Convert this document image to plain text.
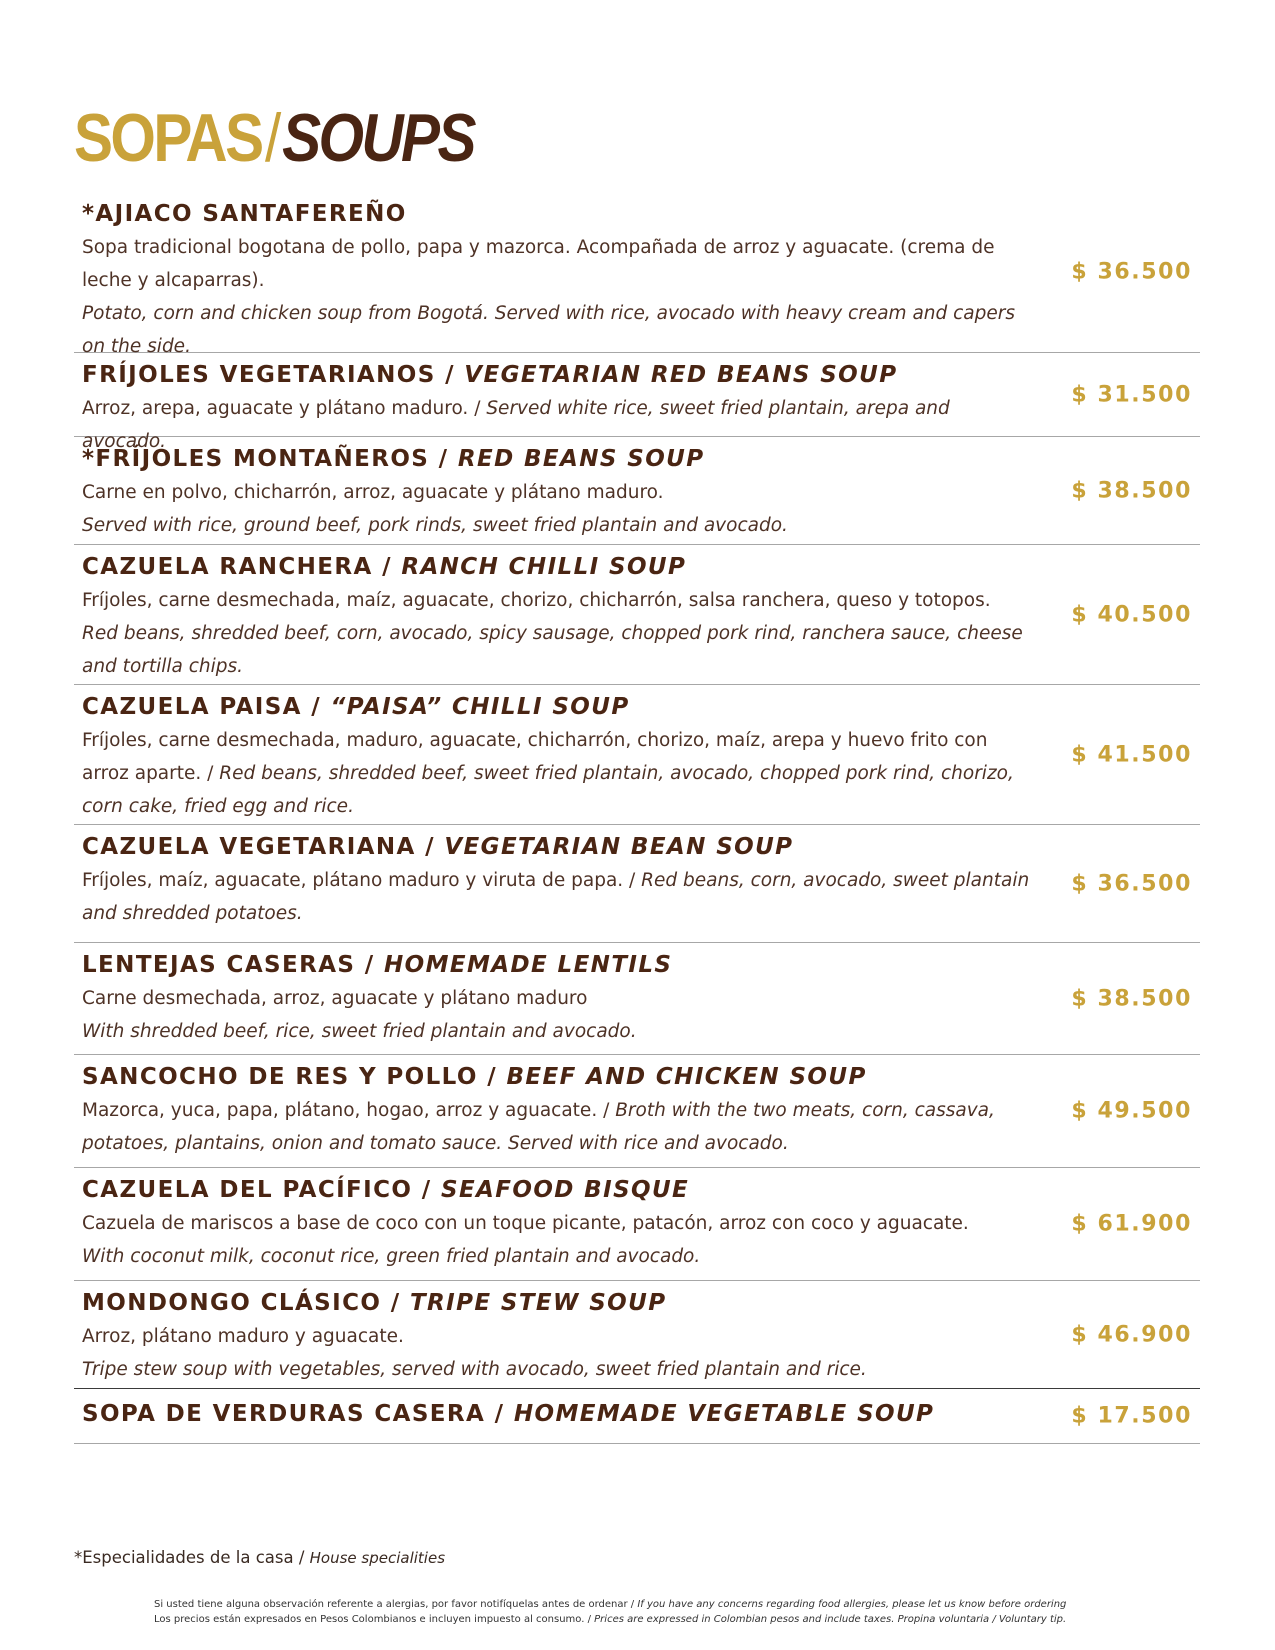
SOPAS/SOUPS
*AJIACO SANTAFEREÑO
Sopa tradicional bogotana de pollo, papa y mazorca. Acompañada de arroz y aguacate. (crema de leche y alcaparras).
Potato, corn and chicken soup from Bogotá. Served with rice, avocado with heavy cream and capers on the side.
$ 36.500
FRÍJOLES VEGETARIANOS / VEGETARIAN RED BEANS SOUP
Arroz, arepa, aguacate y plátano maduro. / Served white rice, sweet fried plantain, arepa and avocado.
$ 31.500
*FRÍJOLES MONTAÑEROS / RED BEANS SOUP
Carne en polvo, chicharrón, arroz, aguacate y plátano maduro.
Served with rice, ground beef, pork rinds, sweet fried plantain and avocado.
$ 38.500
CAZUELA RANCHERA / RANCH CHILLI SOUP
Fríjoles, carne desmechada, maíz, aguacate, chorizo, chicharrón, salsa ranchera, queso y totopos.
Red beans, shredded beef, corn, avocado, spicy sausage, chopped pork rind, ranchera sauce, cheese and tortilla chips.
$ 40.500
CAZUELA PAISA / “PAISA” CHILLI SOUP
Fríjoles, carne desmechada, maduro, aguacate, chicharrón, chorizo, maíz, arepa y huevo frito con arroz aparte. / Red beans, shredded beef, sweet fried plantain, avocado, chopped pork rind, chorizo, corn cake, fried egg and rice.
$ 41.500
CAZUELA VEGETARIANA / VEGETARIAN BEAN SOUP
Fríjoles, maíz, aguacate, plátano maduro y viruta de papa. / Red beans, corn, avocado, sweet plantain and shredded potatoes.
$ 36.500
LENTEJAS CASERAS / HOMEMADE LENTILS
Carne desmechada, arroz, aguacate y plátano maduro
With shredded beef, rice, sweet fried plantain and avocado.
$ 38.500
SANCOCHO DE RES Y POLLO / BEEF AND CHICKEN SOUP
Mazorca, yuca, papa, plátano, hogao, arroz y aguacate. / Broth with the two meats, corn, cassava, potatoes, plantains, onion and tomato sauce. Served with rice and avocado.
$ 49.500
CAZUELA DEL PACÍFICO / SEAFOOD BISQUE
Cazuela de mariscos a base de coco con un toque picante, patacón, arroz con coco y aguacate.
With coconut milk, coconut rice, green fried plantain and avocado.
$ 61.900
MONDONGO CLÁSICO / TRIPE STEW SOUP
Arroz, plátano maduro y aguacate.
Tripe stew soup with vegetables, served with avocado, sweet fried plantain and rice.
$ 46.900
SOPA DE VERDURAS CASERA / HOMEMADE VEGETABLE SOUP	$ 17.500
*Especialidades de la casa / House specialities
Si usted tiene alguna observación referente a alergias, por favor notifíquelas antes de ordenar / If you have any concerns regarding food allergies, please let us know before ordering
Los precios están expresados en Pesos Colombianos e incluyen impuesto al consumo. / Prices are expressed in Colombian pesos and include taxes. Propina voluntaria / Voluntary tip.
